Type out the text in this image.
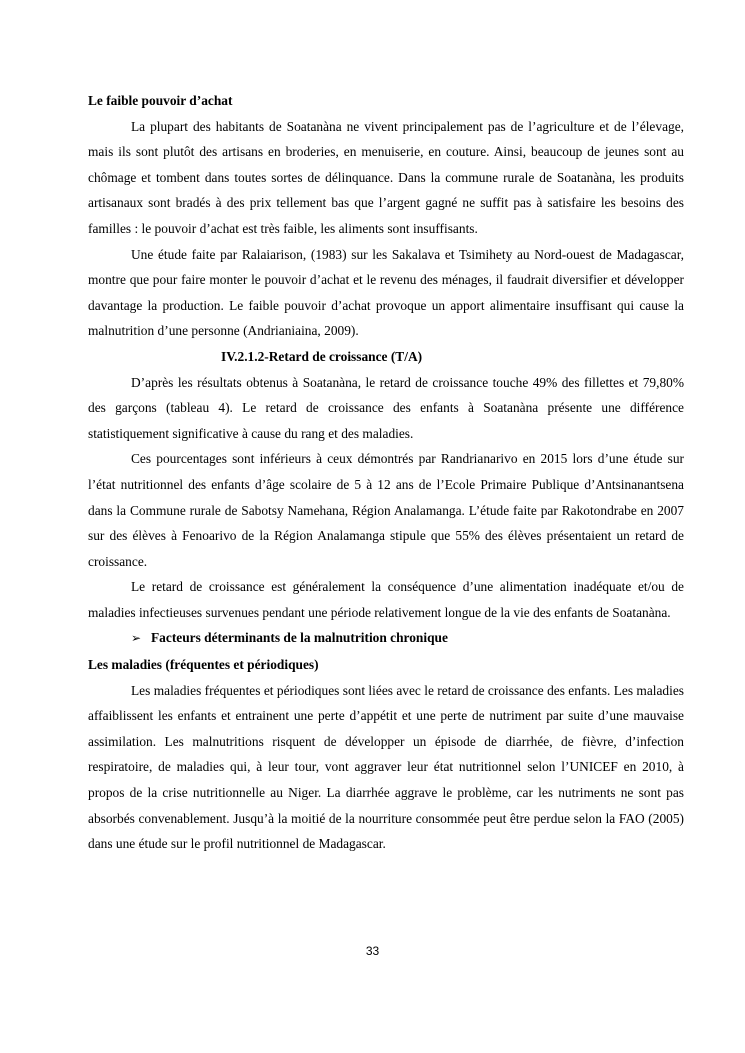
Le faible pouvoir d’achat

La plupart des habitants de Soatanàna ne vivent principalement pas de l’agriculture et de l’élevage, mais ils sont plutôt des artisans en broderies, en menuiserie, en couture. Ainsi, beaucoup de jeunes sont au chômage et tombent dans toutes sortes de délinquance. Dans la commune rurale de Soatanàna, les produits artisanaux sont bradés à des prix tellement bas que l’argent gagné ne suffit pas à satisfaire les besoins des familles : le pouvoir d’achat est très faible, les aliments sont insuffisants.

Une étude faite par Ralaiarison, (1983) sur les Sakalava et Tsimihety au Nord-ouest de Madagascar, montre que pour faire monter le pouvoir d’achat et le revenu des ménages, il faudrait diversifier et développer davantage la production. Le faible pouvoir d’achat provoque un apport alimentaire insuffisant qui cause la malnutrition d’une personne (Andrianiaina, 2009).

IV.2.1.2-Retard de croissance (T/A)

D’après les résultats obtenus à Soatanàna, le retard de croissance touche 49% des fillettes et 79,80% des garçons (tableau 4). Le retard de croissance des enfants à Soatanàna présente une différence statistiquement significative à cause du rang et des maladies.

Ces pourcentages sont inférieurs à ceux démontrés par Randrianarivo en 2015 lors d’une étude sur l’état nutritionnel des enfants d’âge scolaire de 5 à 12 ans de l’Ecole Primaire Publique d’Antsinanantsena dans la Commune rurale de Sabotsy Namehana, Région Analamanga. L’étude faite par Rakotondrabe en 2007 sur des élèves à Fenoarivo de la Région Analamanga stipule que 55% des élèves présentaient un retard de croissance.

Le retard de croissance est généralement la conséquence d’une alimentation inadéquate et/ou de maladies infectieuses survenues pendant une période relativement longue de la vie des enfants de Soatanàna.

➢ Facteurs déterminants de la malnutrition chronique

Les maladies (fréquentes et périodiques)

Les maladies fréquentes et périodiques sont liées avec le retard de croissance des enfants. Les maladies affaiblissent les enfants et entrainent une perte d’appétit et une perte de nutriment par suite d’une mauvaise assimilation. Les malnutritions risquent de développer un épisode de diarrhée, de fièvre, d’infection respiratoire, de maladies qui, à leur tour, vont aggraver leur état nutritionnel selon l’UNICEF en 2010, à propos de la crise nutritionnelle au Niger. La diarrhée aggrave le problème, car les nutriments ne sont pas absorbés convenablement. Jusqu’à la moitié de la nourriture consommée peut être perdue selon la FAO (2005) dans une étude sur le profil nutritionnel de Madagascar.

33
